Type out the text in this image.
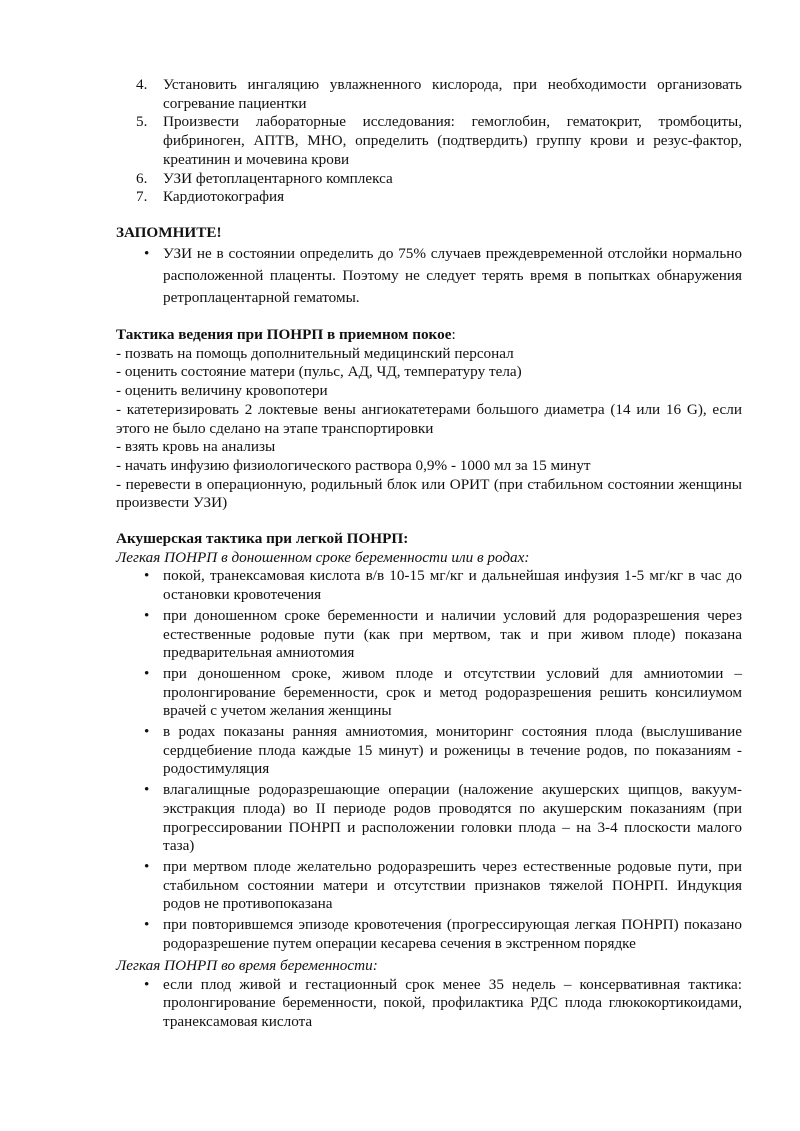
4. Установить ингаляцию увлажненного кислорода, при необходимости организовать согревание пациентки
5. Произвести лабораторные исследования: гемоглобин, гематокрит, тромбоциты, фибриноген, АПТВ, МНО, определить (подтвердить) группу крови и резус-фактор, креатинин и мочевина крови
6. УЗИ фетоплацентарного комплекса
7. Кардиотокография
ЗАПОМНИТЕ!
• УЗИ не в состоянии определить до 75% случаев преждевременной отслойки нормально расположенной плаценты. Поэтому не следует терять время в попытках обнаружения ретроплацентарной гематомы.
Тактика ведения при ПОНРП в приемном покое:

- позвать на помощь дополнительный медицинский персонал

- оценить состояние матери (пульс, АД, ЧД, температуру тела)

- оценить величину кровопотери

- катетеризировать 2 локтевые вены ангиокатетерами большого диаметра (14 или 16 G), если этого не было сделано на этапе транспортировки

- взять кровь на анализы

- начать инфузию физиологического раствора 0,9% - 1000 мл за 15 минут

- перевести в операционную, родильный блок или ОРИТ (при стабильном состоянии женщины произвести УЗИ)

Акушерская тактика при легкой ПОНРП:
Легкая ПОНРП в доношенном сроке беременности или в родах:
• покой, транексамовая кислота в/в 10-15 мг/кг и дальнейшая инфузия 1-5 мг/кг в час до остановки кровотечения
• при доношенном сроке беременности и наличии условий для родоразрешения через естественные родовые пути (как при мертвом, так и при живом плоде) показана предварительная амниотомия
• при доношенном сроке, живом плоде и отсутствии условий для амниотомии – пролонгирование беременности, срок и метод родоразрешения решить консилиумом врачей с учетом желания женщины
• в родах показаны ранняя амниотомия, мониторинг состояния плода (выслушивание сердцебиение плода каждые 15 минут) и роженицы в течение родов, по показаниям - родостимуляция
• влагалищные родоразрешающие операции (наложение акушерских щипцов, вакуум-экстракция плода) во II периоде родов проводятся по акушерским показаниям (при прогрессировании ПОНРП и расположении головки плода – на 3-4 плоскости малого таза)
• при мертвом плоде желательно родоразрешить через естественные родовые пути, при стабильном состоянии матери и отсутствии признаков тяжелой ПОНРП. Индукция родов не противопоказана
• при повторившемся эпизоде кровотечения (прогрессирующая легкая ПОНРП) показано родоразрешение путем операции кесарева сечения в экстренном порядке
Легкая ПОНРП во время беременности:
• если плод живой и гестационный срок менее 35 недель – консервативная тактика: пролонгирование беременности, покой, профилактика РДС плода глюкокортикоидами, транексамовая кислота
